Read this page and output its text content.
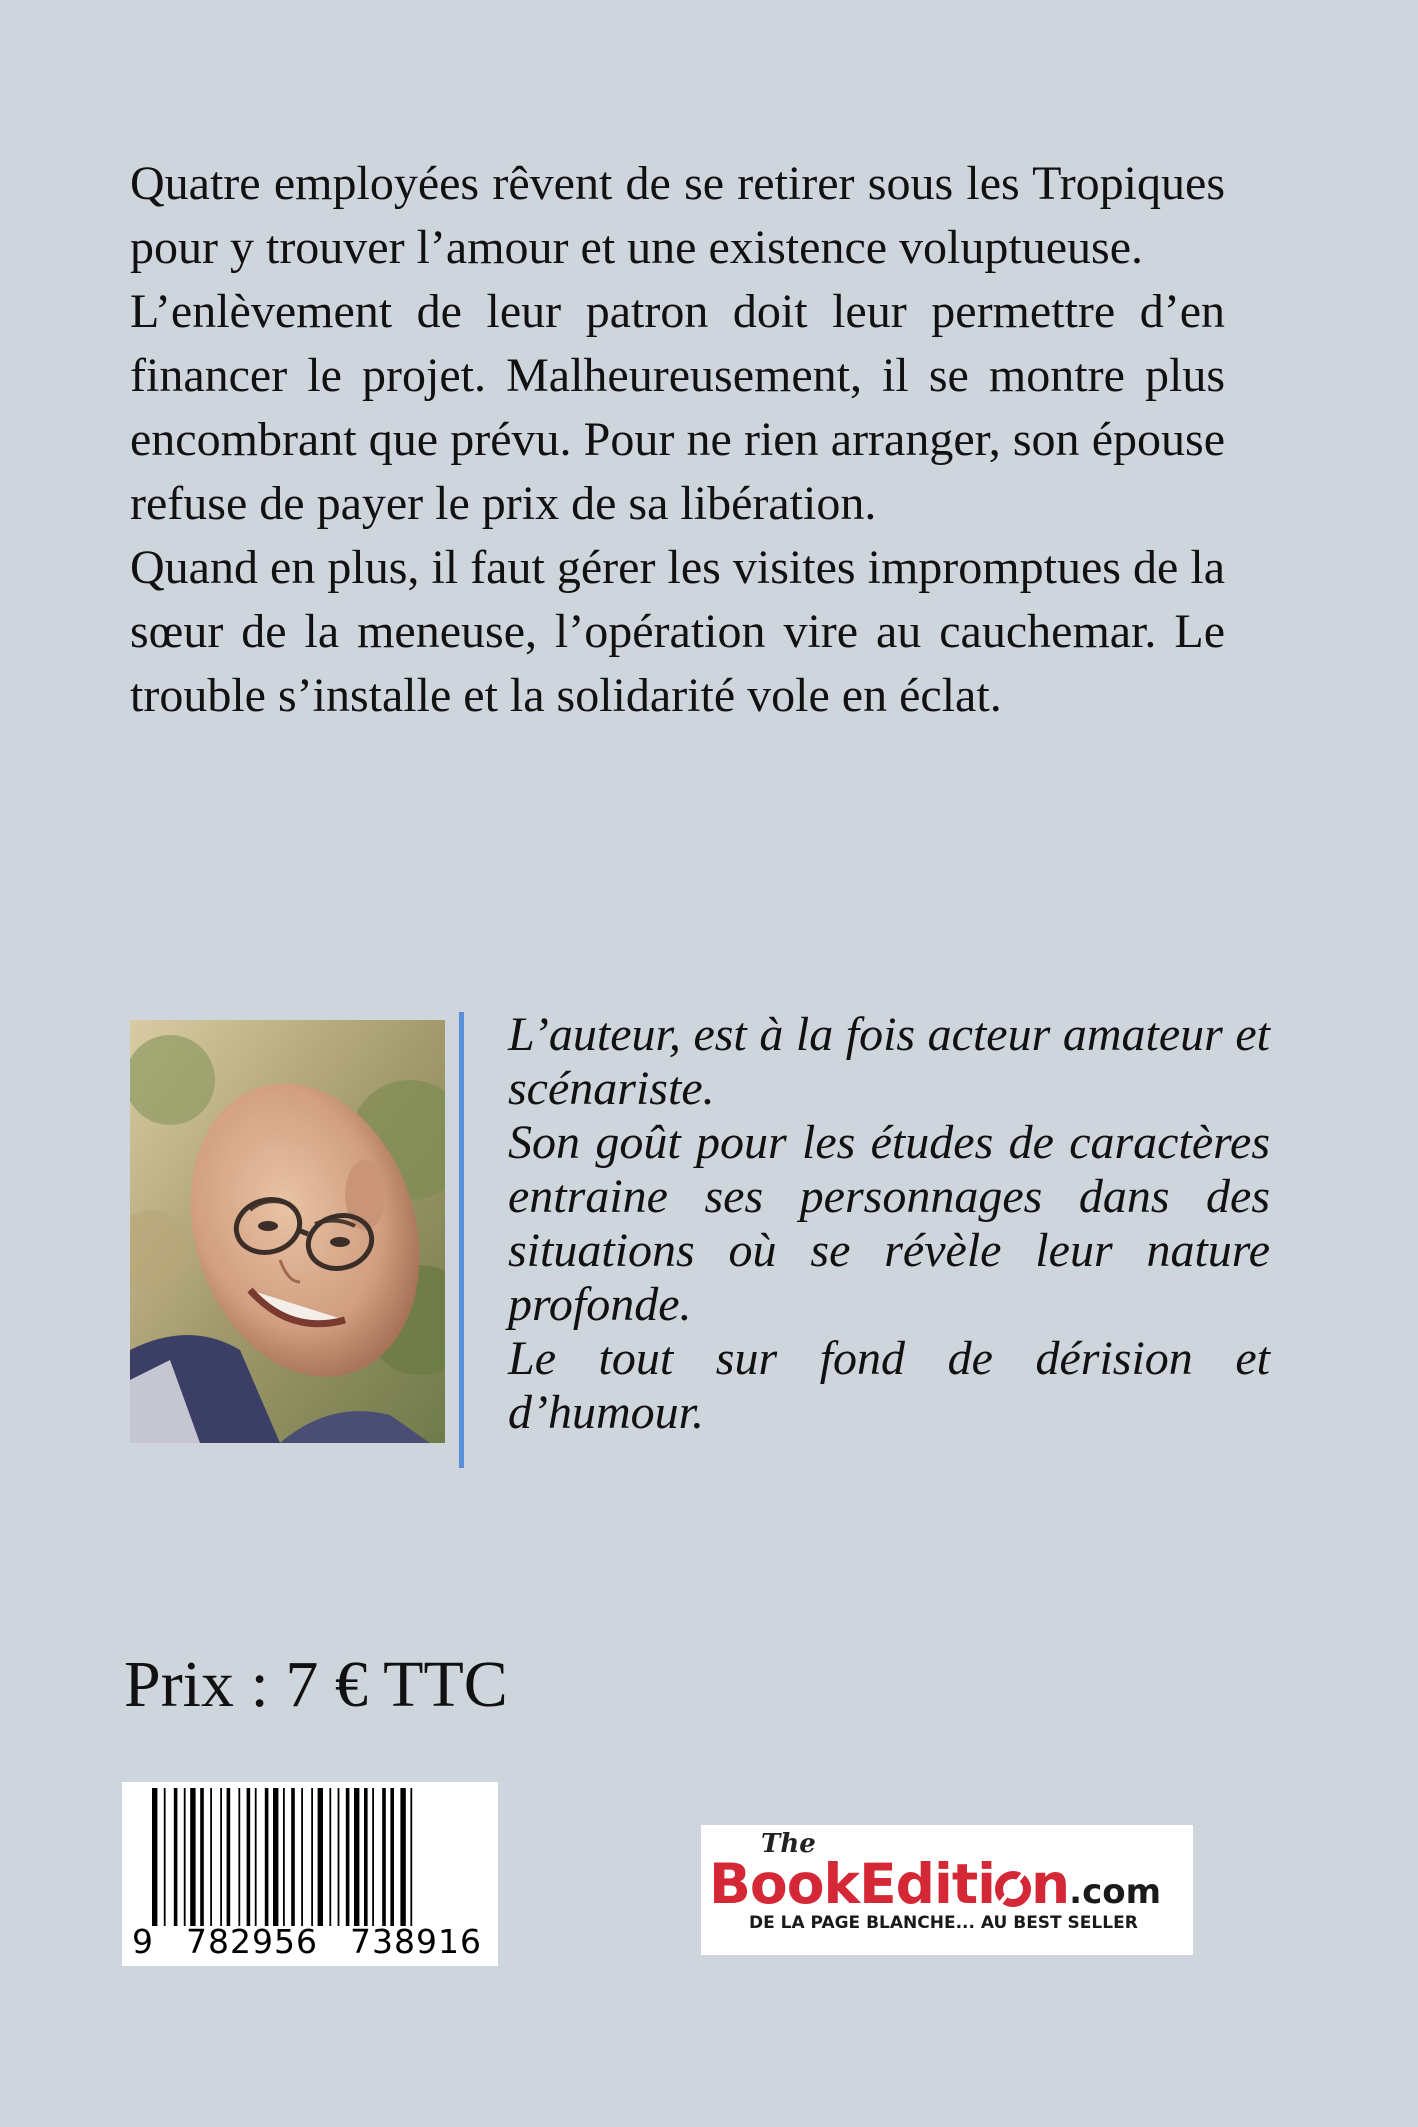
Quatre employées rêvent de se retirer sous les Tropiques pour y trouver l’amour et une existence voluptueuse.

L’enlèvement de leur patron doit leur permettre d’en financer le projet. Malheureusement, il se montre plus encombrant que prévu. Pour ne rien arranger, son épouse refuse de payer le prix de sa libération.

Quand en plus, il faut gérer les visites impromptues de la sœur de la meneuse, l’opération vire au cauchemar. Le trouble s’installe et la solidarité vole en éclat.

L’auteur, est à la fois acteur amateur et scénariste.

Son goût pour les études de caractères entraine ses personnages dans des situations où se révèle leur nature profonde.

Le tout sur fond de dérision et d’humour.

Prix : 7 € TTC
9 782956 738916
The
BookEditi n.com
DE LA PAGE BLANCHE... AU BEST SELLER
